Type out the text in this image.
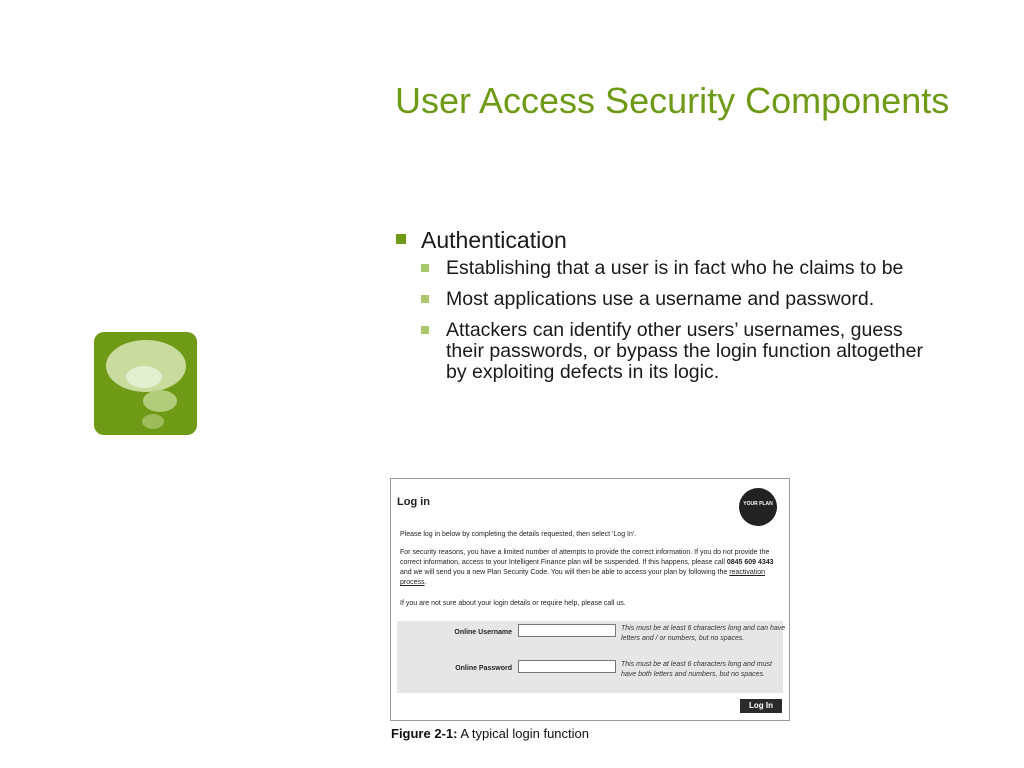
User Access Security Components
Authentication
Establishing that a user is in fact who he claims to be
Most applications use a username and password.
Attackers can identify other users’ usernames, guess their passwords, or bypass the login function altogether by exploiting defects in its logic.
Log in	YOUR PLAN
Please log in below by completing the details requested, then select 'Log In'.
For security reasons, you have a limited number of attempts to provide the correct information. If you do not provide the correct information, access to your Intelligent Finance plan will be suspended. If this happens, please call 0845 609 4343 and we will send you a new Plan Security Code. You will then be able to access your plan by following the reactivation process.
If you are not sure about your login details or require help, please call us.
Online Username
This must be at least 6 characters long and can have letters and / or numbers, but no spaces.
Online Password
This must be at least 6 characters long and must have both letters and numbers, but no spaces.
Log In
Figure 2-1: A typical login function
